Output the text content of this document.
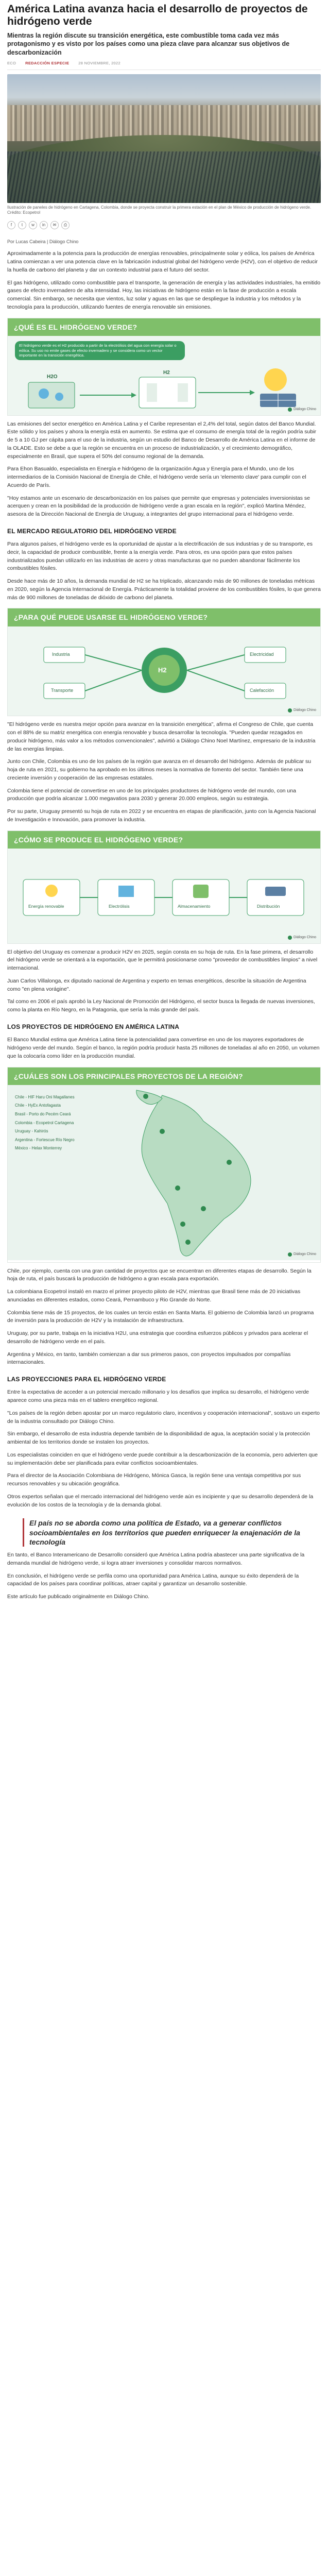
América Latina avanza hacia el desarrollo de proyectos de hidrógeno verde

Mientras la región discute su transición energética, este combustible toma cada vez más protagonismo y es visto por los países como una pieza clave para alcanzar sus objetivos de descarbonización

ECO REDACCIÓN ESPECIE 28 NOVIEMBRE, 2022

Ilustración de paneles de hidrógeno en Cartagena, Colombia, donde se proyecta construir la primera estación en el plan de México de producción de hidrógeno verde. Crédito: Ecopetrol

f	t	w	in	✉	⎙

Por Lucas Cabeira | Diálogo Chino

Aproximadamente a la potencia para la producción de energías renovables, principalmente solar y eólica, los países de América Latina comienzan a ver una potencia clave en la fabricación industrial global del hidrógeno verde (H2V), con el objetivo de reducir la huella de carbono del planeta y dar un contexto industrial para el futuro del sector.

El gas hidrógeno, utilizado como combustible para el transporte, la generación de energía y las actividades industriales, ha emitido gases de efecto invernadero de alta intensidad. Hoy, las iniciativas de hidrógeno están en la fase de producción a escala comercial. Sin embargo, se necesita que vientos, luz solar y aguas en las que se despliegue la industria y los métodos y la tecnología para la producción, utilizando fuentes de energía renovable sin emisiones.

¿QUÉ ES EL HIDRÓGENO VERDE?
El hidrógeno verde es el H2 producido a partir de la electrólisis del agua con energía solar o eólica. Su uso no emite gases de efecto invernadero y se considera como un vector importante en la transición energética.
H2O
H2
Diálogo Chino

Las emisiones del sector energético en América Latina y el Caribe representan el 2,4% del total, según datos del Banco Mundial. Este sólido y los países y ahora la energía está en aumento. Se estima que el consumo de energía total de la región podría subir de 5 a 10 GJ per cápita para el uso de la industria, según un estudio del Banco de Desarrollo de América Latina en el informe de la OLADE. Esto se debe a que la región se encuentra en un proceso de industrialización, y el crecimiento demográfico, especialmente en Brasil, que supera el 50% del consumo regional de la demanda.

Para Ehon Basualdo, especialista en Energía e hidrógeno de la organización Agua y Energía para el Mundo, uno de los intermediarios de la Comisión Nacional de Energía de Chile, el hidrógeno verde sería un 'elemento clave' para cumplir con el Acuerdo de París.

"Hoy estamos ante un escenario de descarbonización en los países que permite que empresas y potenciales inversionistas se acerquen y crean en la posibilidad de la producción de hidrógeno verde a gran escala en la región", explicó Martina Méndez, asesora de la Dirección Nacional de Energía de Uruguay, a integrantes del grupo internacional para el hidrógeno verde.

EL MERCADO REGULATORIO DEL HIDRÓGENO VERDE

Para algunos países, el hidrógeno verde es la oportunidad de ajustar a la electrificación de sus industrias y de su transporte, es decir, la capacidad de producir combustible, frente a la energía verde. Para otros, es una opción para que estos países industrializados puedan utilizarlo en las industrias de acero y otras manufacturas que no pueden abandonar fácilmente los combustibles fósiles.

Desde hace más de 10 años, la demanda mundial de H2 se ha triplicado, alcanzando más de 90 millones de toneladas métricas en 2020, según la Agencia Internacional de Energía. Prácticamente la totalidad proviene de los combustibles fósiles, lo que genera más de 900 millones de toneladas de dióxido de carbono del planeta.

¿PARA QUÉ PUEDE USARSE EL HIDRÓGENO VERDE?
Industria
Transporte
Electricidad
Calefacción
H2
Diálogo Chino

"El hidrógeno verde es nuestra mejor opción para avanzar en la transición energética", afirma el Congreso de Chile, que cuenta con el 88% de su matriz energética con energía renovable y busca desarrollar la tecnología. "Pueden quedar rezagados en producir hidrógeno, más valor a los métodos convencionales", advirtió a Diálogo Chino Noel Martínez, empresario de la industria de las energías limpias.

Junto con Chile, Colombia es uno de los países de la región que avanza en el desarrollo del hidrógeno. Además de publicar su hoja de ruta en 2021, su gobierno ha aprobado en los últimos meses la normativa de fomento del sector. También tiene una creciente inversión y cooperación de las empresas estatales.

Colombia tiene el potencial de convertirse en uno de los principales productores de hidrógeno verde del mundo, con una producción que podría alcanzar 1.000 megavatios para 2030 y generar 20.000 empleos, según su estrategia.

Por su parte, Uruguay presentó su hoja de ruta en 2022 y se encuentra en etapas de planificación, junto con la Agencia Nacional de Investigación e Innovación, para promover la industria.

¿CÓMO SE PRODUCE EL HIDRÓGENO VERDE?
Energía renovable	Electrólisis	Almacenamiento	Distribución
Diálogo Chino

El objetivo del Uruguay es comenzar a producir H2V en 2025, según consta en su hoja de ruta. En la fase primera, el desarrollo del hidrógeno verde se orientará a la exportación, que le permitirá posicionarse como "proveedor de combustibles limpios" a nivel internacional.

Juan Carlos Villalonga, ex diputado nacional de Argentina y experto en temas energéticos, describe la situación de Argentina como "en plena vorágine".

Tal como en 2006 el país aprobó la Ley Nacional de Promoción del Hidrógeno, el sector busca la llegada de nuevas inversiones, como la planta en Río Negro, en la Patagonia, que sería la más grande del país.

LOS PROYECTOS DE HIDRÓGENO EN AMÉRICA LATINA

El Banco Mundial estima que América Latina tiene la potencialidad para convertirse en uno de los mayores exportadores de hidrógeno verde del mundo. Según el banco, la región podría producir hasta 25 millones de toneladas al año en 2050, un volumen que la colocaría como líder en la producción mundial.

¿CUÁLES SON LOS PRINCIPALES PROYECTOS DE LA REGIÓN?
Chile - HIF Haru Oni Magallanes
Chile - HyEx Antofagasta
Brasil - Porto do Pecém Ceará
Colombia - Ecopetrol Cartagena
Uruguay - Kahirós
Argentina - Fortescue Río Negro
México - Helax Monterrey
Diálogo Chino

Chile, por ejemplo, cuenta con una gran cantidad de proyectos que se encuentran en diferentes etapas de desarrollo. Según la hoja de ruta, el país buscará la producción de hidrógeno a gran escala para exportación.

La colombiana Ecopetrol instaló en marzo el primer proyecto piloto de H2V, mientras que Brasil tiene más de 20 iniciativas anunciadas en diferentes estados, como Ceará, Pernambuco y Rio Grande do Norte.

Colombia tiene más de 15 proyectos, de los cuales un tercio están en Santa Marta. El gobierno de Colombia lanzó un programa de inversión para la producción de H2V y la instalación de infraestructura.

Uruguay, por su parte, trabaja en la iniciativa H2U, una estrategia que coordina esfuerzos públicos y privados para acelerar el desarrollo de hidrógeno verde en el país.

Argentina y México, en tanto, también comienzan a dar sus primeros pasos, con proyectos impulsados por compañías internacionales.

LAS PROYECCIONES PARA EL HIDRÓGENO VERDE

Entre la expectativa de acceder a un potencial mercado millonario y los desafíos que implica su desarrollo, el hidrógeno verde aparece como una pieza más en el tablero energético regional.

"Los países de la región deben apostar por un marco regulatorio claro, incentivos y cooperación internacional", sostuvo un experto de la industria consultado por Diálogo Chino.

Sin embargo, el desarrollo de esta industria depende también de la disponibilidad de agua, la aceptación social y la protección ambiental de los territorios donde se instalen los proyectos.

Los especialistas coinciden en que el hidrógeno verde puede contribuir a la descarbonización de la economía, pero advierten que su implementación debe ser planificada para evitar conflictos socioambientales.

Para el director de la Asociación Colombiana de Hidrógeno, Mónica Gasca, la región tiene una ventaja competitiva por sus recursos renovables y su ubicación geográfica.

Otros expertos señalan que el mercado internacional del hidrógeno verde aún es incipiente y que su desarrollo dependerá de la evolución de los costos de la tecnología y de la demanda global.

El país no se aborda como una política de Estado, va a generar conflictos socioambientales en los territorios que pueden enriquecer la enajenación de la tecnología

En tanto, el Banco Interamericano de Desarrollo consideró que América Latina podría abastecer una parte significativa de la demanda mundial de hidrógeno verde, si logra atraer inversiones y consolidar marcos normativos.

En conclusión, el hidrógeno verde se perfila como una oportunidad para América Latina, aunque su éxito dependerá de la capacidad de los países para coordinar políticas, atraer capital y garantizar un desarrollo sostenible.

Este artículo fue publicado originalmente en Diálogo Chino.
